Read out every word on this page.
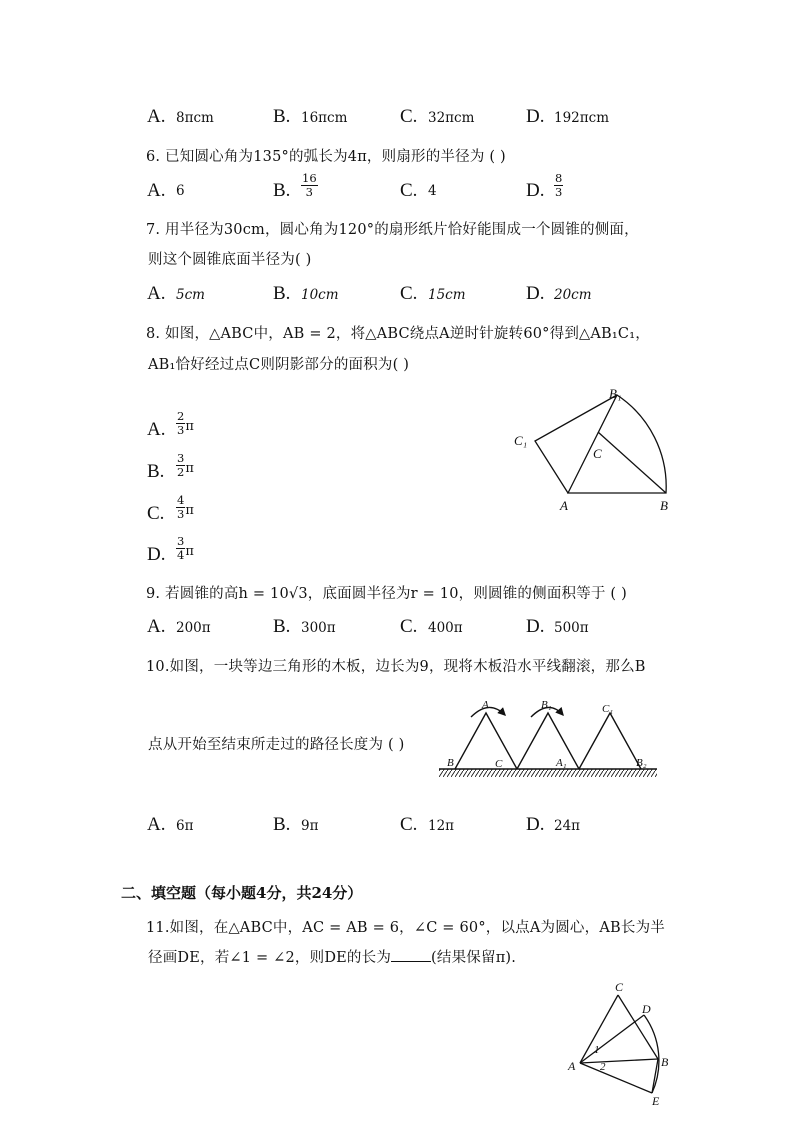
A. 8πcm	B. 16πcm	C. 32πcm	D. 192πcm
6. 已知圆心角为135°的弧长为4π，则扇形的半径为 ( )
A. 6	B. $\frac{16}{3}$	C. 4	D. $\frac{8}{3}$
7. 用半径为30cm，圆心角为120°的扇形纸片恰好能围成一个圆锥的侧面，
则这个圆锥底面半径为( )
A. 5cm	B. 10cm	C. 15cm	D. 20cm
8. 如图，△ABC中，AB = 2，将△ABC绕点A逆时针旋转60°得到△AB₁C₁，
AB₁恰好经过点C则阴影部分的面积为( )
A. $\frac{2}{3}$ π
B. $\frac{3}{2}$ π
C. $\frac{4}{3}$ π
D. $\frac{3}{4}$ π
B₁
C₁
C
A	B
9. 若圆锥的高h = 10√3，底面圆半径为r = 10，则圆锥的侧面积等于 ( )
A. 200π	B. 300π	C. 400π	D. 500π
10.如图，一块等边三角形的木板，边长为9，现将木板沿水平线翻滚，那么B
点从开始至结束所走过的路径长度为 ( )
A	B₁	C₁
B	C	A₁	B₂
A. 6π	B. 9π	C. 12π	D. 24π
二、填空题（每小题4分，共24分）
11.如图，在△ABC中，AC = AB = 6，∠C = 60°，以点A为圆心，AB长为半
径画DE，若∠1 = ∠2，则DE的长为	(结果保留π).
C
D
A	B
E
1
2
